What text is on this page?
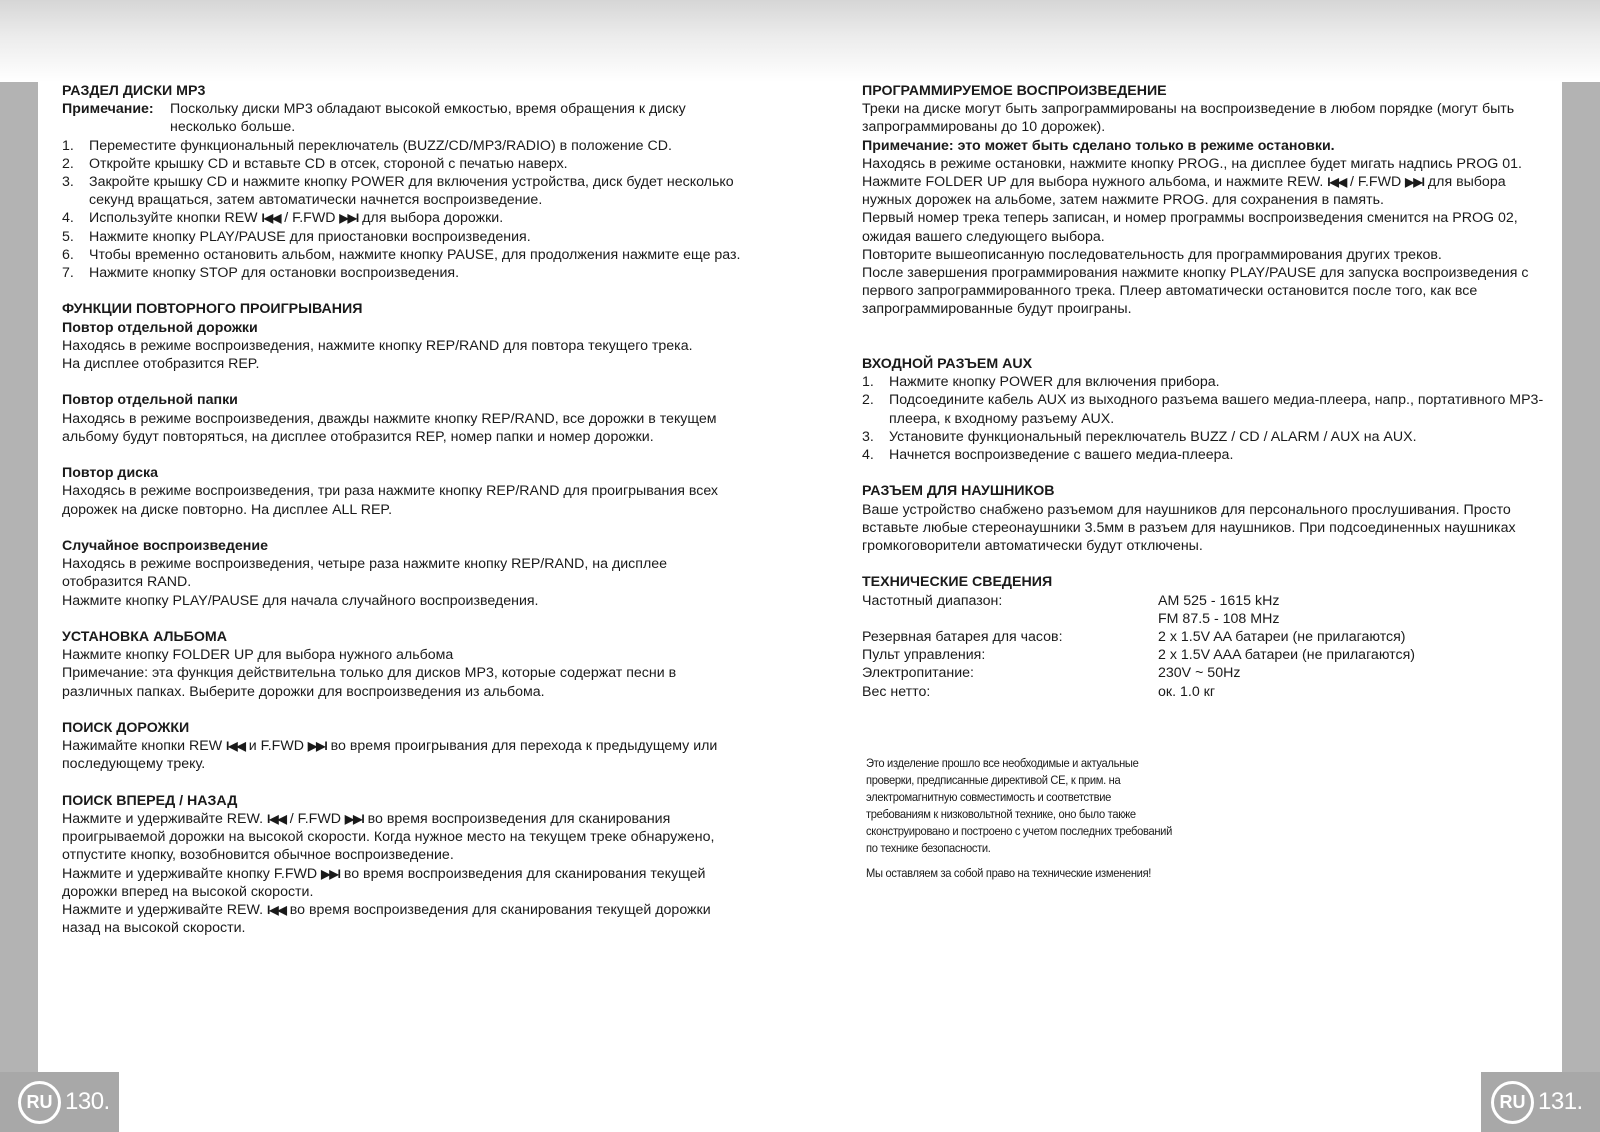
RU 130.	RU 131.
РАЗДЕЛ ДИСКИ MP3
Примечание:	Поскольку диски MP3 обладают высокой емкостью, время обращения к диску несколько больше.
1.	Переместите функциональный переключатель (BUZZ/CD/MP3/RADIO) в положение CD.
2.	Откройте крышку CD и вставьте CD в отсек, стороной с печатью наверх.
3.	Закройте крышку CD и нажмите кнопку POWER для включения устройства, диск будет несколько секунд вращаться, затем автоматически начнется воспроизведение.
4.	Используйте кнопки REW I◀◀ / F.FWD ▶▶I для выбора дорожки.
5.	Нажмите кнопку PLAY/PAUSE для приостановки воспроизведения.
6.	Чтобы временно остановить альбом, нажмите кнопку PAUSE, для продолжения нажмите еще раз.
7.	Нажмите кнопку STOP для остановки воспроизведения.
ФУНКЦИИ ПОВТОРНОГО ПРОИГРЫВАНИЯ
Повтор отдельной дорожки
Находясь в режиме воспроизведения, нажмите кнопку REP/RAND для повтора текущего трека.
На дисплее отобразится REP.
Повтор отдельной папки
Находясь в режиме воспроизведения, дважды нажмите кнопку REP/RAND, все дорожки в текущем альбому будут повторяться, на дисплее отобразится REP, номер папки и номер дорожки.
Повтор диска
Находясь в режиме воспроизведения, три раза нажмите кнопку REP/RAND для проигрывания всех дорожек на диске повторно. На дисплее ALL REP.
Случайное воспроизведение
Находясь в режиме воспроизведения, четыре раза нажмите кнопку REP/RAND, на дисплее отобразится RAND.
Нажмите кнопку PLAY/PAUSE для начала случайного воспроизведения.
УСТАНОВКА АЛЬБОМА
Нажмите кнопку FOLDER UP для выбора нужного альбома
Примечание: эта функция действительна только для дисков MP3, которые содержат песни в различных папках. Выберите дорожки для воспроизведения из альбома.
ПОИСК ДОРОЖКИ
Нажимайте кнопки REW I◀◀ и F.FWD ▶▶I во время проигрывания для перехода к предыдущему или последующему треку.
ПОИСК ВПЕРЕД / НАЗАД
Нажмите и удерживайте REW. I◀◀ / F.FWD ▶▶I во время воспроизведения для сканирования проигрываемой дорожки на высокой скорости. Когда нужное место на текущем треке обнаружено, отпустите кнопку, возобновится обычное воспроизведение.
Нажмите и удерживайте кнопку F.FWD ▶▶I во время воспроизведения для сканирования текущей дорожки вперед на высокой скорости.
Нажмите и удерживайте REW. I◀◀ во время воспроизведения для сканирования текущей дорожки назад на высокой скорости.
ПРОГРАММИРУЕМОЕ ВОСПРОИЗВЕДЕНИЕ
Треки на диске могут быть запрограммированы на воспроизведение в любом порядке (могут быть запрограммированы до 10 дорожек).
Примечание: это может быть сделано только в режиме остановки.
Находясь в режиме остановки, нажмите кнопку PROG., на дисплее будет мигать надпись PROG 01.
Нажмите FOLDER UP для выбора нужного альбома, и нажмите REW. I◀◀ / F.FWD ▶▶I для выбора нужных дорожек на альбоме, затем нажмите PROG. для сохранения в память.
Первый номер трека теперь записан, и номер программы воспроизведения сменится на PROG 02, ожидая вашего следующего выбора.
Повторите вышеописанную последовательность для программирования других треков.
После завершения программирования нажмите кнопку PLAY/PAUSE для запуска воспроизведения с первого запрограммированного трека. Плеер автоматически остановится после того, как все запрограммированные будут проиграны.
ВХОДНОЙ РАЗЪЕМ AUX
1.	Нажмите кнопку POWER для включения прибора.
2.	Подсоедините кабель AUX из выходного разъема вашего медиа-плеера, напр., портативного MP3-плеера, к входному разъему AUX.
3.	Установите функциональный переключатель BUZZ / CD / ALARM / AUX на AUX.
4.	Начнется воспроизведение с вашего медиа-плеера.
РАЗЪЕМ ДЛЯ НАУШНИКОВ
Ваше устройство снабжено разъемом для наушников для персонального прослушивания. Просто вставьте любые стереонаушники 3.5мм в разъем для наушников. При подсоединенных наушниках громкоговорители автоматически будут отключены.
ТЕХНИЧЕСКИЕ СВЕДЕНИЯ
Частотный диапазон:	AM 525 - 1615 kHz
FM 87.5 - 108 MHz
Резервная батарея для часов:	2 x 1.5V AA батареи (не прилагаются)
Пульт управления:	2 x 1.5V AAA батареи (не прилагаются)
Электропитание:	230V ~ 50Hz
Вес нетто:	ок. 1.0 кг

Это изделение прошло все необходимые и актуальные проверки, предписанные директивой CE, к прим. на электромагнитную совместимость и соответствие требованиям к низковольтной технике, оно было также сконструировано и построено с учетом последних требований по технике безопасности.

Мы оставляем за собой право на технические изменения!
